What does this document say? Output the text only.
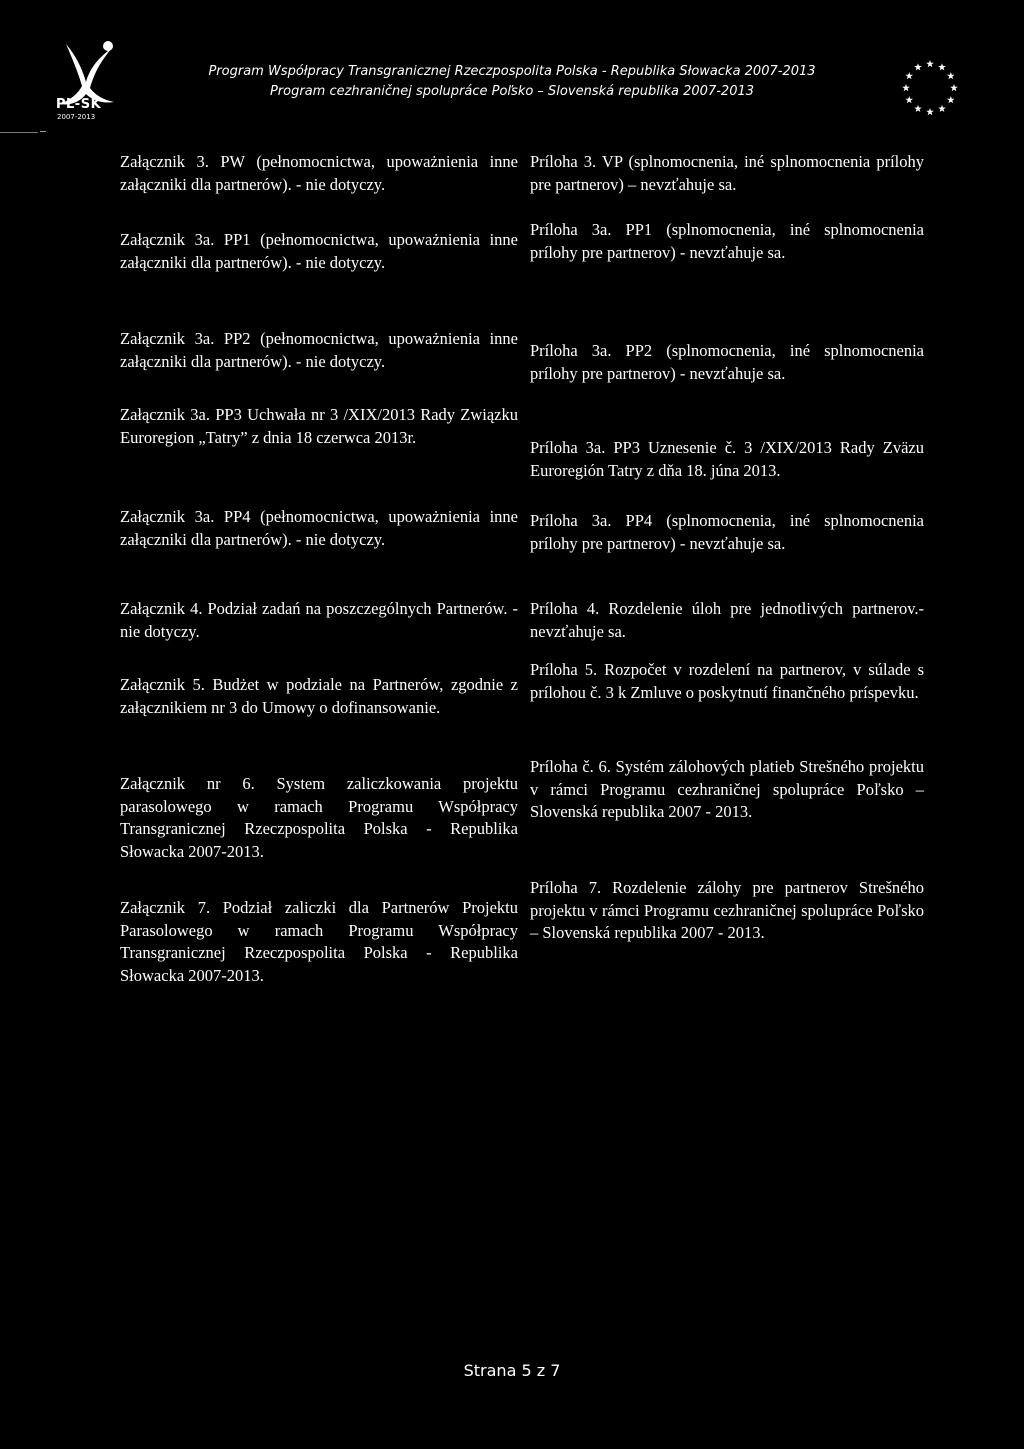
PL-SK
2007-2013
Program Współpracy Transgranicznej Rzeczpospolita Polska - Republika Słowacka 2007-2013
Program cezhraničnej spolupráce Poľsko – Slovenská republika 2007-2013
Załącznik 3. PW (pełnomocnictwa, upoważnienia inne załączniki dla partnerów). - nie dotyczy.
Załącznik 3a. PP1 (pełnomocnictwa, upoważnienia inne załączniki dla partnerów). - nie dotyczy.
Załącznik 3a. PP2 (pełnomocnictwa, upoważnienia inne załączniki dla partnerów). - nie dotyczy.
Załącznik 3a. PP3 Uchwała nr 3 /XIX/2013 Rady Związku Euroregion „Tatry” z dnia 18 czerwca 2013r.
Załącznik 3a. PP4 (pełnomocnictwa, upoważnienia inne załączniki dla partnerów). - nie dotyczy.
Załącznik 4. Podział zadań na poszczególnych Partnerów. - nie dotyczy.
Załącznik 5. Budżet w podziale na Partnerów, zgodnie z załącznikiem nr 3 do Umowy o dofinansowanie.
Załącznik nr 6. System zaliczkowania projektu parasolowego w ramach Programu Współpracy Transgranicznej Rzeczpospolita Polska - Republika Słowacka 2007-2013.
Załącznik 7. Podział zaliczki dla Partnerów Projektu Parasolowego w ramach Programu Współpracy Transgranicznej Rzeczpospolita Polska - Republika Słowacka 2007-2013.
Príloha 3. VP (splnomocnenia, iné splnomocnenia prílohy pre partnerov) – nevzťahuje sa.
Príloha 3a. PP1 (splnomocnenia, iné splnomocnenia prílohy pre partnerov) - nevzťahuje sa.
Príloha 3a. PP2 (splnomocnenia, iné splnomocnenia prílohy pre partnerov) - nevzťahuje sa.
Príloha 3a. PP3 Uznesenie č. 3 /XIX/2013 Rady Zväzu Euroregión Tatry z dňa 18. júna 2013.
Príloha 3a. PP4 (splnomocnenia, iné splnomocnenia prílohy pre partnerov) - nevzťahuje sa.
Príloha 4. Rozdelenie úloh pre jednotlivých partnerov.- nevzťahuje sa.
Príloha 5. Rozpočet v rozdelení na partnerov, v súlade s prílohou č. 3 k Zmluve o poskytnutí finančného príspevku.
Príloha č. 6. Systém zálohových platieb Strešného projektu v rámci Programu cezhraničnej spolupráce Poľsko – Slovenská republika 2007 - 2013.
Príloha 7. Rozdelenie zálohy pre partnerov Strešného projektu v rámci Programu cezhraničnej spolupráce Poľsko – Slovenská republika 2007 - 2013.
Strana 5 z 7
